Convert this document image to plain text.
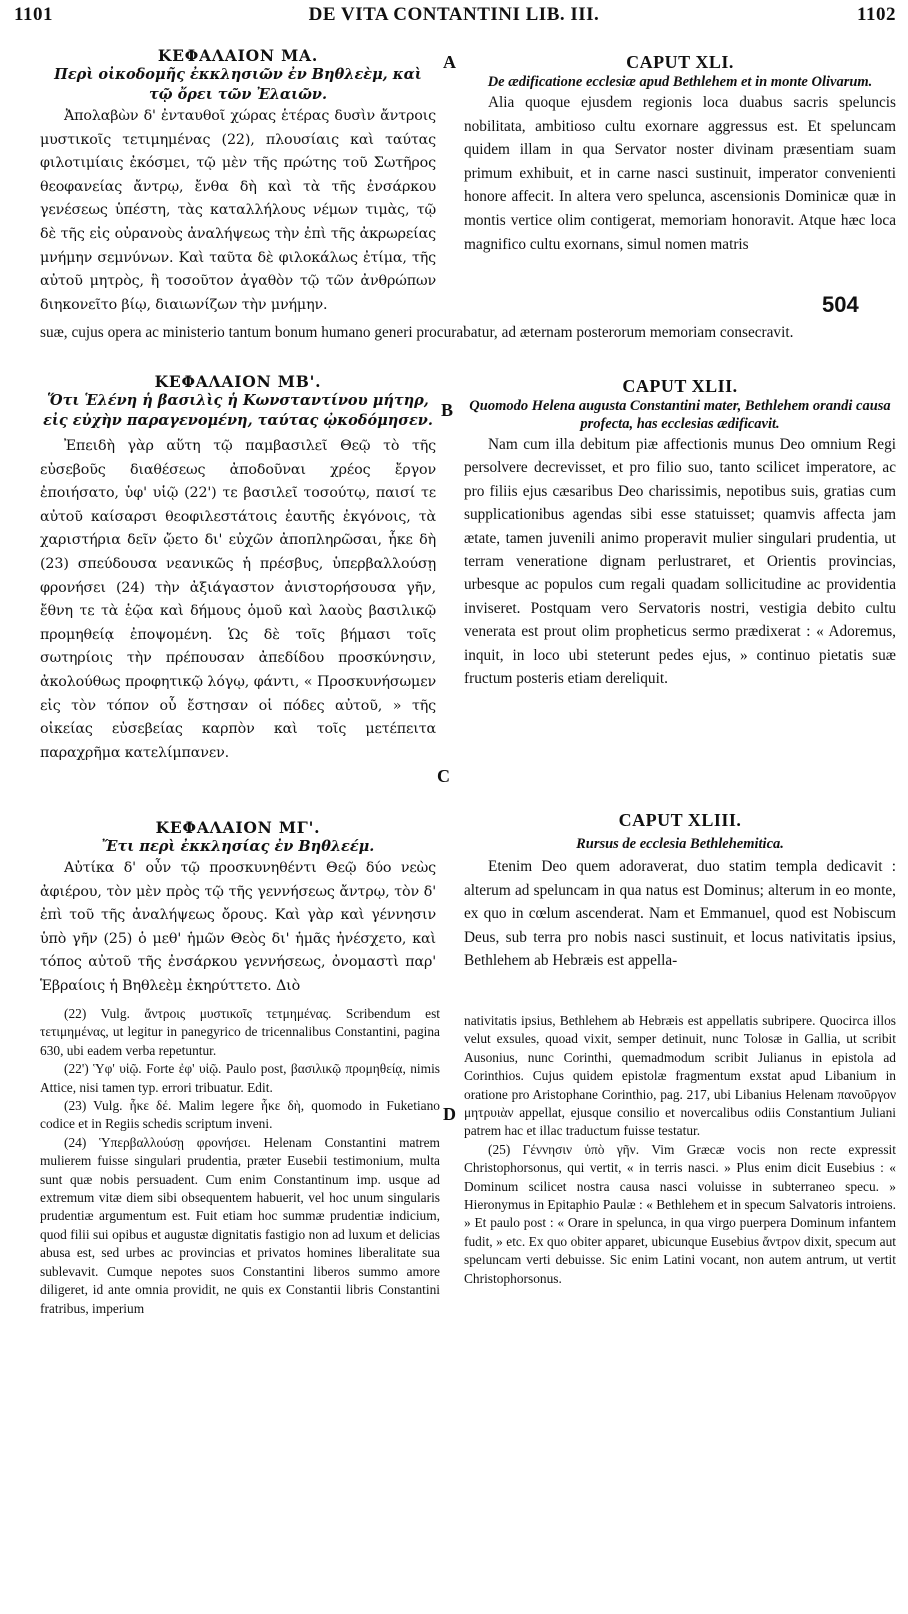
1101	DE VITA CONTANTINI LIB. III.	1102
A
B
C
D
504

ΚΕΦΑΛΑΙΟΝ ΜΑ.

Περὶ οἰκοδομῆς ἐκκλησιῶν ἐν Βηθλεὲμ, καὶ τῷ ὄρει τῶν Ἐλαιῶν.

Ἀπολαβὼν δ' ἐνταυθοῖ χώρας ἑτέρας δυσὶν ἄντροις μυστικοῖς τετιμημένας (22), πλουσίαις καὶ ταύτας φιλοτιμίαις ἐκόσμει, τῷ μὲν τῆς πρώτης τοῦ Σωτῆρος θεοφανείας ἄντρῳ, ἔνθα δὴ καὶ τὰ τῆς ἐνσάρκου γενέσεως ὑπέστη, τὰς καταλλήλους νέμων τιμὰς, τῷ δὲ τῆς εἰς οὐρανοὺς ἀναλήψεως τὴν ἐπὶ τῆς ἀκρωρείας μνήμην σεμνύνων. Καὶ ταῦτα δὲ φιλοκάλως ἐτίμα, τῆς αὐτοῦ μητρὸς, ἣ τοσοῦτον ἀγαθὸν τῷ τῶν ἀνθρώπων διηκονεῖτο βίῳ, διαιωνίζων τὴν μνήμην.

suæ, cujus opera ac ministerio tantum bonum humano generi procurabatur, ad æternam posterorum memoriam consecravit.

ΚΕΦΑΛΑΙΟΝ ΜΒ'.

Ὅτι Ἑλένη ἡ βασιλὶς ἡ Κωνσταντίνου μήτηρ, εἰς εὐχὴν παραγενομένη, ταύτας ᾠκοδόμησεν.

Ἐπειδὴ γὰρ αὕτη τῷ παμβασιλεῖ Θεῷ τὸ τῆς εὐσεβοῦς διαθέσεως ἀποδοῦναι χρέος ἔργον ἐποιήσατο, ὑφ' υἱῷ (22') τε βασιλεῖ τοσούτῳ, παισί τε αὐτοῦ καίσαρσι θεοφιλεστάτοις ἑαυτῆς ἐκγόνοις, τὰ χαριστήρια δεῖν ᾤετο δι' εὐχῶν ἀποπληρῶσαι, ἧκε δὴ (23) σπεύδουσα νεανικῶς ἡ πρέσβυς, ὑπερβαλλούσῃ φρονήσει (24) τὴν ἀξιάγαστον ἀνιστορήσουσα γῆν, ἔθνη τε τὰ ἑῷα καὶ δήμους ὁμοῦ καὶ λαοὺς βασιλικῷ προμηθείᾳ ἐποψομένη. Ὡς δὲ τοῖς βήμασι τοῖς σωτηρίοις τὴν πρέπουσαν ἀπεδίδου προσκύνησιν, ἀκολούθως προφητικῷ λόγῳ, φάντι, « Προσκυνήσωμεν εἰς τὸν τόπον οὗ ἔστησαν οἱ πόδες αὐτοῦ, » τῆς οἰκείας εὐσεβείας καρπὸν καὶ τοῖς μετέπειτα παραχρῆμα κατελίμπανεν.

ΚΕΦΑΛΑΙΟΝ ΜΓ'.

Ἔτι περὶ ἐκκλησίας ἐν Βηθλεέμ.

Αὐτίκα δ' οὖν τῷ προσκυνηθέντι Θεῷ δύο νεὼς ἀφιέρου, τὸν μὲν πρὸς τῷ τῆς γεννήσεως ἄντρῳ, τὸν δ' ἐπὶ τοῦ τῆς ἀναλήψεως ὄρους. Καὶ γὰρ καὶ γέννησιν ὑπὸ γῆν (25) ὁ μεθ' ἡμῶν Θεὸς δι' ἡμᾶς ἠνέσχετο, καὶ τόπος αὐτοῦ τῆς ἐνσάρκου γεννήσεως, ὀνομαστὶ παρ' Ἑβραίοις ἡ Βηθλεὲμ ἐκηρύττετο. Διὸ

CAPUT XLI.

De ædificatione ecclesiæ apud Bethlehem et in monte Olivarum.

Alia quoque ejusdem regionis loca duabus sacris speluncis nobilitata, ambitioso cultu exornare aggressus est. Et speluncam quidem illam in qua Servator noster divinam præsentiam suam primum exhibuit, et in carne nasci sustinuit, imperator convenienti honore affecit. In altera vero spelunca, ascensionis Dominicæ quæ in montis vertice olim contigerat, memoriam honoravit. Atque hæc loca magnifico cultu exornans, simul nomen matris

CAPUT XLII.

Quomodo Helena augusta Constantini mater, Bethlehem orandi causa profecta, has ecclesias ædificavit.

Nam cum illa debitum piæ affectionis munus Deo omnium Regi persolvere decrevisset, et pro filio suo, tanto scilicet imperatore, ac pro filiis ejus cæsaribus Deo charissimis, nepotibus suis, gratias cum supplicationibus agendas sibi esse statuisset; quamvis affecta jam ætate, tamen juvenili animo properavit mulier singulari prudentia, ut terram veneratione dignam perlustraret, et Orientis provincias, urbesque ac populos cum regali quadam sollicitudine ac providentia inviseret. Postquam vero Servatoris nostri, vestigia debito cultu venerata est prout olim propheticus sermo prædixerat : « Adoremus, inquit, in loco ubi steterunt pedes ejus, » continuo pietatis suæ fructum posteris etiam dereliquit.

CAPUT XLIII.

Rursus de ecclesia Bethlehemitica.

Etenim Deo quem adoraverat, duo statim templa dedicavit : alterum ad speluncam in qua natus est Dominus; alterum in eo monte, ex quo in cœlum ascenderat. Nam et Emmanuel, quod est Nobiscum Deus, sub terra pro nobis nasci sustinuit, et locus nativitatis ipsius, Bethlehem ab Hebræis est appella-

(22) Vulg. ἄντροις μυστικοῖς τετμημένας. Scribendum est τετιμημένας, ut legitur in panegyrico de tricennalibus Constantini, pagina 630, ubi eadem verba repetuntur.

(22') Ὑφ' υἱῷ. Forte ἐφ' υἱῷ. Paulo post, βασιλικῷ προμηθείᾳ, nimis Attice, nisi tamen typ. errori tribuatur. Edit.

(23) Vulg. ἧκε δέ. Malim legere ἧκε δὴ, quomodo in Fuketiano codice et in Regiis schedis scriptum inveni.

(24) Ὑπερβαλλούσῃ φρονήσει. Helenam Constantini matrem mulierem fuisse singulari prudentia, præter Eusebii testimonium, multa sunt quæ nobis persuadent. Cum enim Constantinum imp. usque ad extremum vitæ diem sibi obsequentem habuerit, vel hoc unum singularis prudentiæ argumentum est. Fuit etiam hoc summæ prudentiæ indicium, quod filii sui opibus et augustæ dignitatis fastigio non ad luxum et delicias abusa est, sed urbes ac provincias et privatos homines liberalitate sua sublevavit. Cumque nepotes suos Constantini liberos summo amore diligeret, id ante omnia providit, ne quis ex Constantii libris Constantini fratribus, imperium

nativitatis ipsius, Bethlehem ab Hebræis est appellatis subripere. Quocirca illos velut exsules, quoad vixit, semper detinuit, nunc Tolosæ in Gallia, ut scribit Ausonius, nunc Corinthi, quemadmodum scribit Julianus in epistola ad Corinthios. Cujus quidem epistolæ fragmentum exstat apud Libanium in oratione pro Aristophane Corinthio, pag. 217, ubi Libanius Helenam πανοῦργον μητρυιὰν appellat, ejusque consilio et novercalibus odiis Constantium Juliani patrem hac et illac traductum fuisse testatur.

(25) Γέννησιν ὑπὸ γῆν. Vim Græcæ vocis non recte expressit Christophorsonus, qui vertit, « in terris nasci. » Plus enim dicit Eusebius : « Dominum scilicet nostra causa nasci voluisse in subterraneo specu. » Hieronymus in Epitaphio Paulæ : « Bethlehem et in specum Salvatoris introiens. » Et paulo post : « Orare in spelunca, in qua virgo puerpera Dominum infantem fudit, » etc. Ex quo obiter apparet, ubicunque Eusebius ἄντρον dixit, specum aut speluncam verti debuisse. Sic enim Latini vocant, non autem antrum, ut vertit Christophorsonus.
